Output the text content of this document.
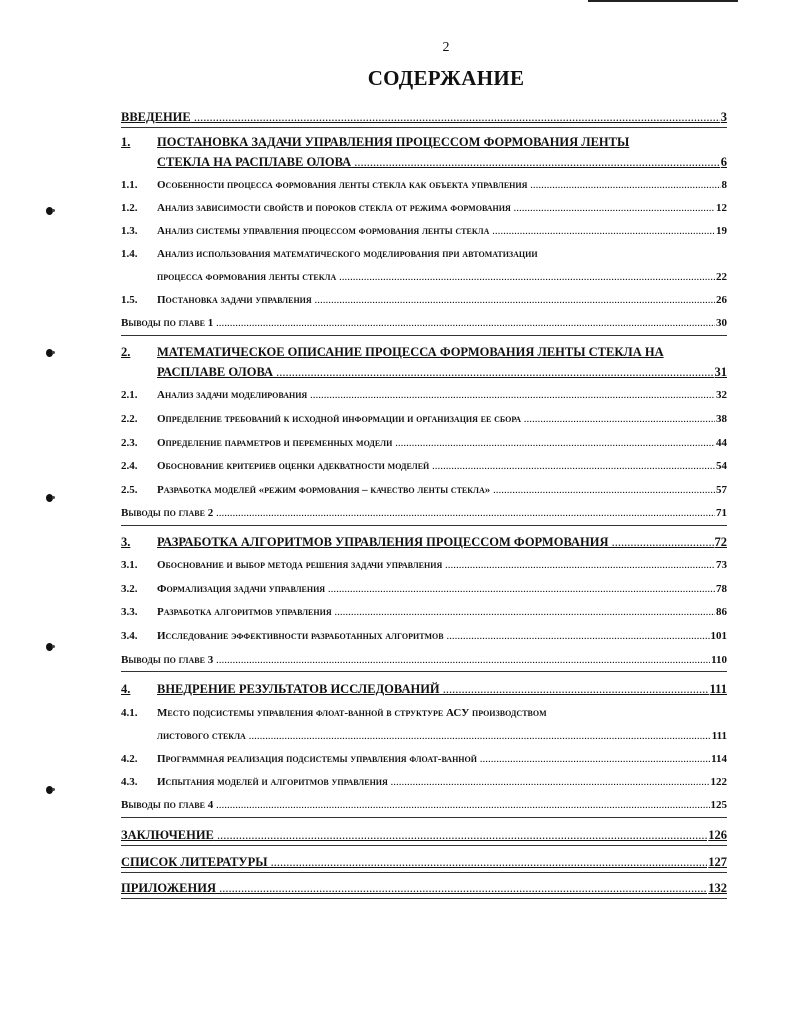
2
СОДЕРЖАНИЕ
ВВЕДЕНИЕ .....	3
1.	ПОСТАНОВКА ЗАДАЧИ УПРАВЛЕНИЯ ПРОЦЕССОМ ФОРМОВАНИЯ ЛЕНТЫ
СТЕКЛА НА РАСПЛАВЕ ОЛОВА .....	6
1.1.	Особенности процесса формования ленты стекла как объекта управления .....	8
1.2.	Анализ зависимости свойств и пороков стекла от режима формования .....	12
1.3.	Анализ системы управления процессом формования ленты стекла .....	19
1.4.	Анализ использования математического моделирования при автоматизации
процесса формования ленты стекла .....	22
1.5.	Постановка задачи управления .....	26
Выводы по главе 1 .....	30
2.	МАТЕМАТИЧЕСКОЕ ОПИСАНИЕ ПРОЦЕССА ФОРМОВАНИЯ ЛЕНТЫ СТЕКЛА НА
РАСПЛАВЕ ОЛОВА .....	31
2.1.	Анализ задачи моделирования .....	32
2.2.	Определение требований к исходной информации и организация ее сбора .....	38
2.3.	Определение параметров и переменных модели .....	44
2.4.	Обоснование критериев оценки адекватности моделей .....	54
2.5.	Разработка моделей «режим формования – качество ленты стекла» .....	57
Выводы по главе 2 .....	71
3.	РАЗРАБОТКА АЛГОРИТМОВ УПРАВЛЕНИЯ ПРОЦЕССОМ ФОРМОВАНИЯ .....	72
3.1.	Обоснование и выбор метода решения задачи управления .....	73
3.2.	Формализация задачи управления .....	78
3.3.	Разработка алгоритмов управления .....	86
3.4.	Исследование эффективности разработанных алгоритмов .....	101
Выводы по главе 3 .....	110
4.	ВНЕДРЕНИЕ РЕЗУЛЬТАТОВ ИССЛЕДОВАНИЙ .....	111
4.1.	Место подсистемы управления флоат-ванной в структуре АСУ производством
листового стекла .....	111
4.2.	Программная реализация подсистемы управления флоат-ванной .....	114
4.3.	Испытания моделей и алгоритмов управления .....	122
Выводы по главе 4 .....	125
ЗАКЛЮЧЕНИЕ .....	126
СПИСОК ЛИТЕРАТУРЫ .....	127
ПРИЛОЖЕНИЯ .....	132
